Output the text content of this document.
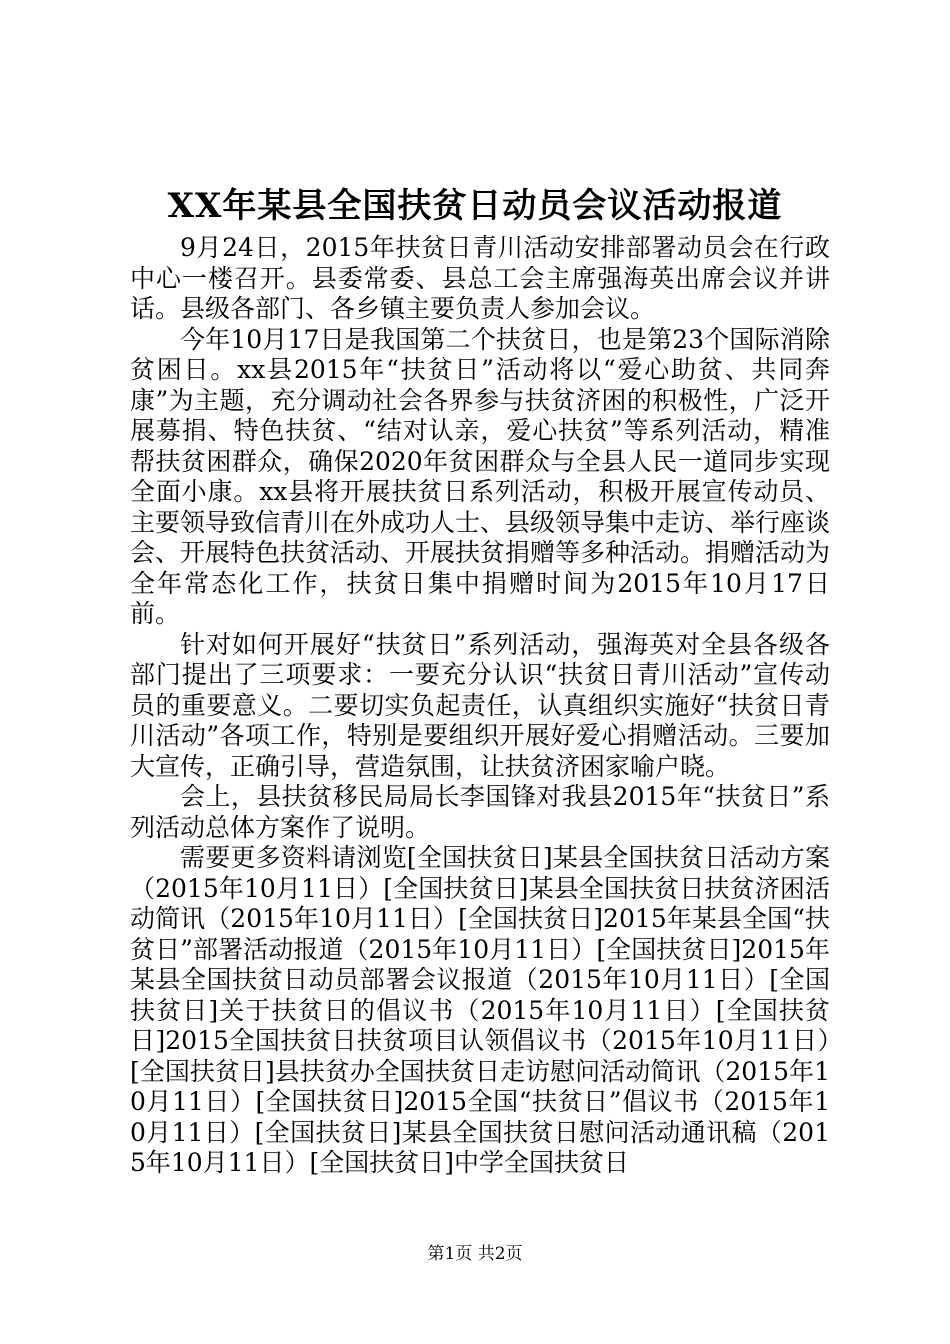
XX年某县全国扶贫日动员会议活动报道

9月24日，2015年扶贫日青川活动安排部署动员会在行政中心一楼召开。县委常委、县总工会主席强海英出席会议并讲话。县级各部门、各乡镇主要负责人参加会议。

今年10月17日是我国第二个扶贫日，也是第23个国际消除贫困日。xx县2015年“扶贫日”活动将以“爱心助贫、共同奔康”为主题，充分调动社会各界参与扶贫济困的积极性，广泛开展募捐、特色扶贫、“结对认亲，爱心扶贫”等系列活动，精准帮扶贫困群众，确保2020年贫困群众与全县人民一道同步实现全面小康。xx县将开展扶贫日系列活动，积极开展宣传动员、主要领导致信青川在外成功人士、县级领导集中走访、举行座谈会、开展特色扶贫活动、开展扶贫捐赠等多种活动。捐赠活动为全年常态化工作，扶贫日集中捐赠时间为2015年10月17日前。

针对如何开展好“扶贫日”系列活动，强海英对全县各级各部门提出了三项要求：一要充分认识“扶贫日青川活动”宣传动员的重要意义。二要切实负起责任，认真组织实施好“扶贫日青川活动”各项工作，特别是要组织开展好爱心捐赠活动。三要加大宣传，正确引导，营造氛围，让扶贫济困家喻户晓。

会上，县扶贫移民局局长李国锋对我县2015年“扶贫日”系列活动总体方案作了说明。

需要更多资料请浏览[全国扶贫日]某县全国扶贫日活动方案（2015年10月11日）[全国扶贫日]某县全国扶贫日扶贫济困活动简讯（2015年10月11日）[全国扶贫日]2015年某县全国“扶贫日”部署活动报道（2015年10月11日）[全国扶贫日]2015年某县全国扶贫日动员部署会议报道（2015年10月11日）[全国扶贫日]关于扶贫日的倡议书（2015年10月11日）[全国扶贫日]2015全国扶贫日扶贫项目认领倡议书（2015年10月11日）[全国扶贫日]县扶贫办全国扶贫日走访慰问活动简讯（2015年10月11日）[全国扶贫日]2015全国“扶贫日”倡议书（2015年10月11日）[全国扶贫日]某县全国扶贫日慰问活动通讯稿（2015年10月11日）[全国扶贫日]中学全国扶贫日

第1页 共2页
